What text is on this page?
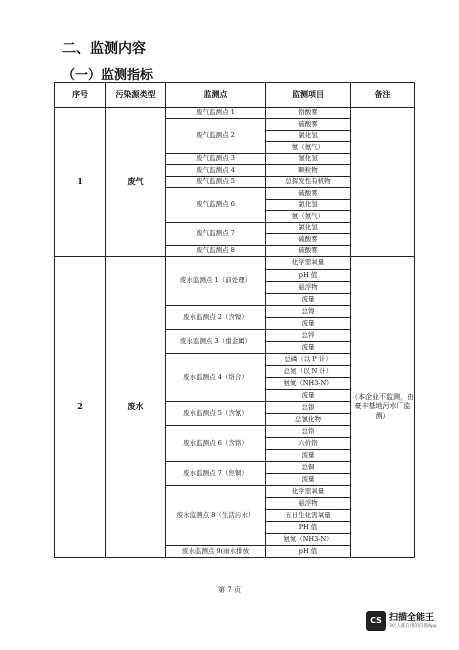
二、监测内容
（一）监测指标
序号	污染源类型	监测点	监测项目	备注
1	废气	废气监测点 1	铬酸雾	
		废气监测点 2	硫酸雾	
			氯化氢	
			氨（氨气）	
		废气监测点 3	氰化氢	
		废气监测点 4	颗粒物	
		废气监测点 5	总挥发性有机物	
		废气监测点 6	硫酸雾	
			氯化氢	
			氨（氨气）	
		废气监测点 7	氯化氢	
			硫酸雾	
		废气监测点 8	硫酸雾	
2	废水	废水监测点 1（前处理）	化学需氧量	（本企业不监测，由豪丰基地污水厂监测）
			pH 值	
			悬浮物	
			流量	
		废水监测点 2（含镍）	总镍	
			流量	
		废水监测点 3（重金属）	总锌	
			流量	
		废水监测点 4（络合）	总磷（以 P 计）	
			总氮（以 N 计）	
			氨氮（NH3-N）	
			流量	
		废水监测点 5（含氰）	总银	
			总氰化物	
		废水监测点 6（含铬）	总铬	
			六价铬	
			流量	
		废水监测点 7（焦铜）	总铜	
			流量	
		废水监测点 8（生活污水）	化学需氧量	
			悬浮物	
			五日生化需氧量	
			PH 值	
			氨氮（NH3-N）	
		废水监测点 9(雨水排放	pH 值	
第 7 页
CS 扫描全能王
3亿人都在用的扫描App
